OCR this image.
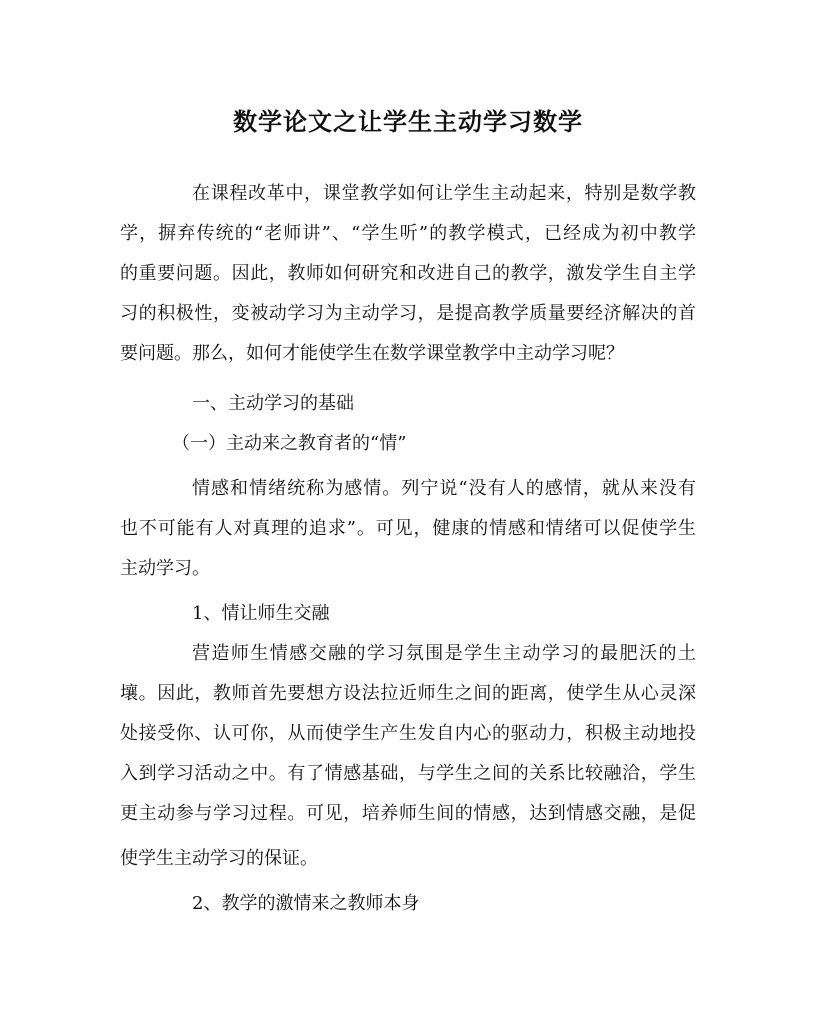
数学论文之让学生主动学习数学
在课程改革中，课堂教学如何让学生主动起来，特别是数学教
学，摒弃传统的“老师讲”、“学生听”的教学模式，已经成为初中教学
的重要问题。因此，教师如何研究和改进自己的教学，激发学生自主学
习的积极性，变被动学习为主动学习，是提高教学质量要经济解决的首
要问题。那么，如何才能使学生在数学课堂教学中主动学习呢？
一、主动学习的基础
（一）主动来之教育者的“情”
情感和情绪统称为感情。列宁说“没有人的感情，就从来没有
也不可能有人对真理的追求”。可见，健康的情感和情绪可以促使学生
主动学习。
1、情让师生交融
营造师生情感交融的学习氛围是学生主动学习的最肥沃的土
壤。因此，教师首先要想方设法拉近师生之间的距离，使学生从心灵深
处接受你、认可你，从而使学生产生发自内心的驱动力，积极主动地投
入到学习活动之中。有了情感基础，与学生之间的关系比较融洽，学生
更主动参与学习过程。可见，培养师生间的情感，达到情感交融，是促
使学生主动学习的保证。
2、教学的激情来之教师本身
